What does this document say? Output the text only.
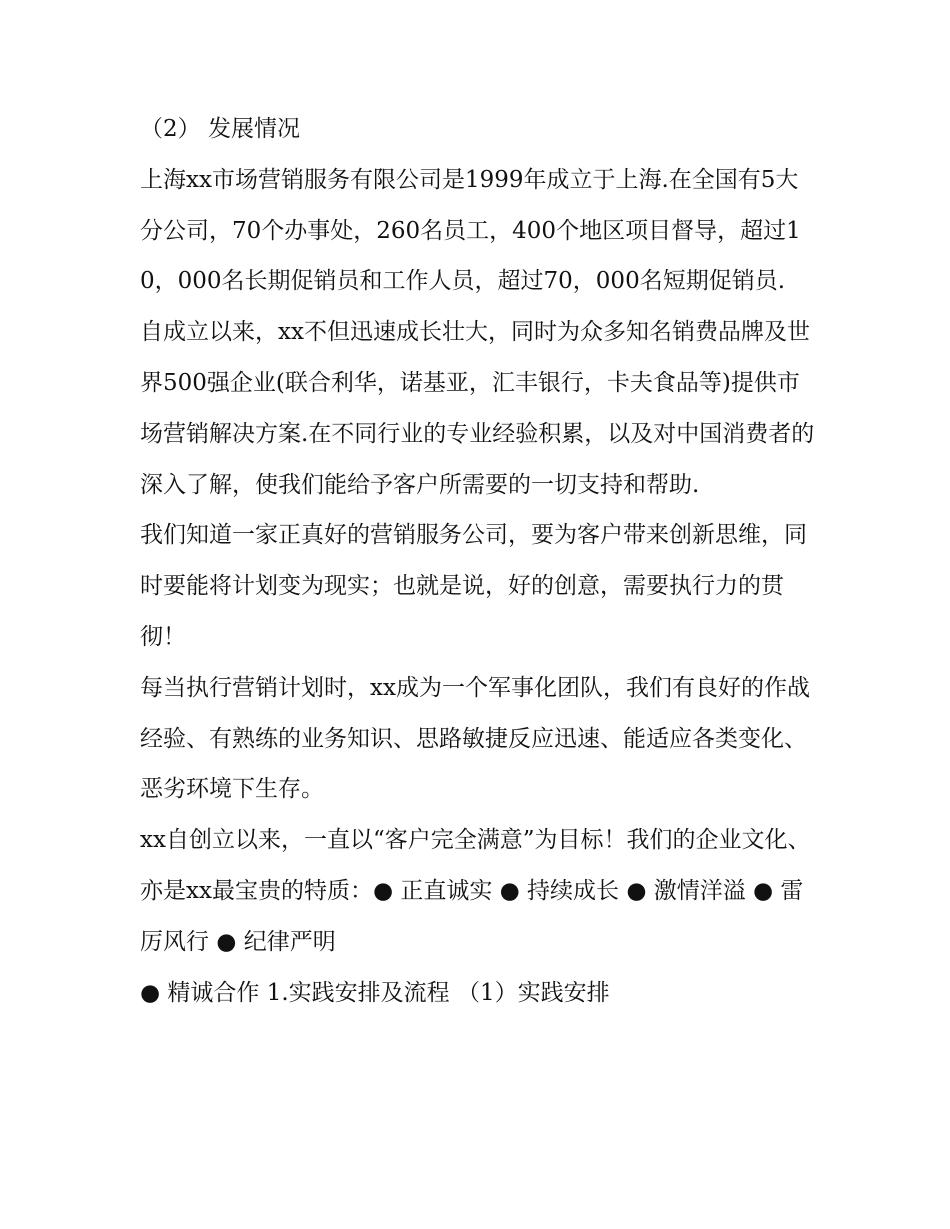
（2） 发展情况

上海xx市场营销服务有限公司是1999年成立于上海.在全国有5大分公司，70个办事处，260名员工，400个地区项目督导，超过10，000名长期促销员和工作人员，超过70，000名短期促销员.

自成立以来，xx不但迅速成长壮大，同时为众多知名销费品牌及世界500强企业(联合利华，诺基亚，汇丰银行，卡夫食品等)提供市场营销解决方案.在不同行业的专业经验积累，以及对中国消费者的深入了解，使我们能给予客户所需要的一切支持和帮助.

我们知道一家正真好的营销服务公司，要为客户带来创新思维，同时要能将计划变为现实；也就是说，好的创意，需要执行力的贯彻！

每当执行营销计划时，xx成为一个军事化团队，我们有良好的作战经验、有熟练的业务知识、思路敏捷反应迅速、能适应各类变化、恶劣环境下生存。

xx自创立以来，一直以“客户完全满意”为目标！我们的企业文化、亦是xx最宝贵的特质：● 正直诚实 ● 持续成长 ● 激情洋溢 ● 雷厉风行 ● 纪律严明

● 精诚合作 1.实践安排及流程 （1）实践安排
